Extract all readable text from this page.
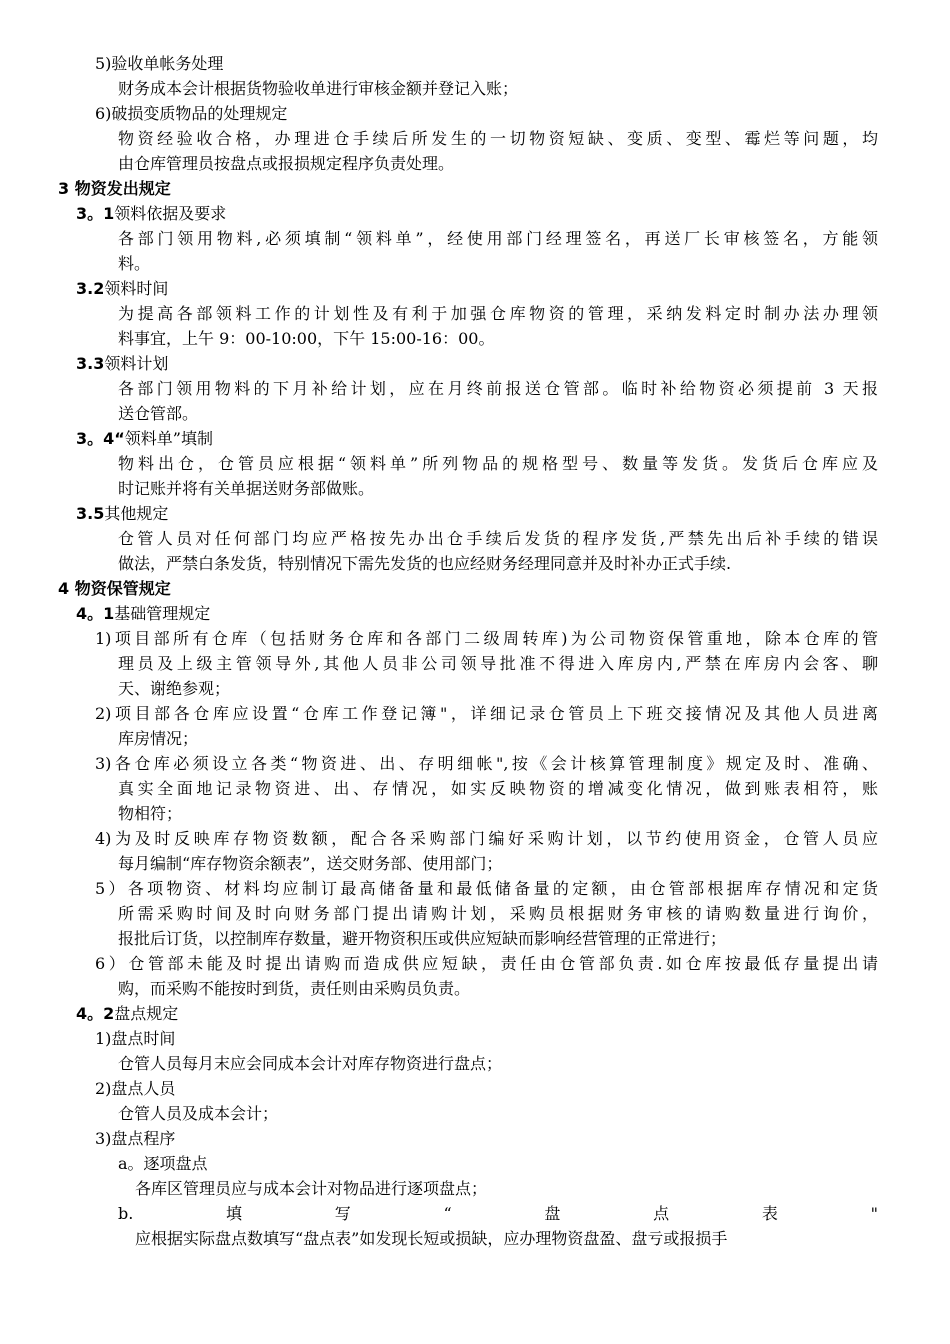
5)验收单帐务处理
财务成本会计根据货物验收单进行审核金额并登记入账；
6)破损变质物品的处理规定
物资经验收合格，办理进仓手续后所发生的一切物资短缺、变质、变型、霉烂等问题，均
由仓库管理员按盘点或报损规定程序负责处理。
3 物资发出规定
3。1领料依据及要求
各部门领用物料,必须填制“领料单”，经使用部门经理签名，再送厂长审核签名，方能领
料。
3.2领料时间
为提高各部领料工作的计划性及有利于加强仓库物资的管理，采纳发料定时制办法办理领
料事宜，上午 9：00-10:00，下午 15:00-16：00。
3.3领料计划
各部门领用物料的下月补给计划，应在月终前报送仓管部。临时补给物资必须提前 3 天报
送仓管部。
3。4“领料单”填制
物料出仓，仓管员应根据“领料单”所列物品的规格型号、数量等发货。发货后仓库应及
时记账并将有关单据送财务部做账。
3.5其他规定
仓管人员对任何部门均应严格按先办出仓手续后发货的程序发货,严禁先出后补手续的错误
做法，严禁白条发货，特别情况下需先发货的也应经财务经理同意并及时补办正式手续.
4 物资保管规定
4。1基础管理规定
1)项目部所有仓库（包括财务仓库和各部门二级周转库)为公司物资保管重地，除本仓库的管
理员及上级主管领导外,其他人员非公司领导批准不得进入库房内,严禁在库房内会客、聊
天、谢绝参观；
2)项目部各仓库应设置“仓库工作登记簿"，详细记录仓管员上下班交接情况及其他人员进离
库房情况；
3)各仓库必须设立各类“物资进、出、存明细帐",按《会计核算管理制度》规定及时、准确、
真实全面地记录物资进、出、存情况，如实反映物资的增减变化情况，做到账表相符，账
物相符；
4)为及时反映库存物资数额，配合各采购部门编好采购计划，以节约使用资金，仓管人员应
每月编制“库存物资余额表”，送交财务部、使用部门；
5）各项物资、材料均应制订最高储备量和最低储备量的定额，由仓管部根据库存情况和定货
所需采购时间及时向财务部门提出请购计划，采购员根据财务审核的请购数量进行询价，
报批后订货，以控制库存数量，避开物资积压或供应短缺而影响经营管理的正常进行；
6）仓管部未能及时提出请购而造成供应短缺，责任由仓管部负责.如仓库按最低存量提出请
购，而采购不能按时到货，责任则由采购员负责。
4。2盘点规定
1)盘点时间
仓管人员每月末应会同成本会计对库存物资进行盘点；
2)盘点人员
仓管人员及成本会计；
3)盘点程序
a。逐项盘点
各库区管理员应与成本会计对物品进行逐项盘点；
b.填写“盘点表"
应根据实际盘点数填写“盘点表”如发现长短或损缺，应办理物资盘盈、盘亏或报损手
